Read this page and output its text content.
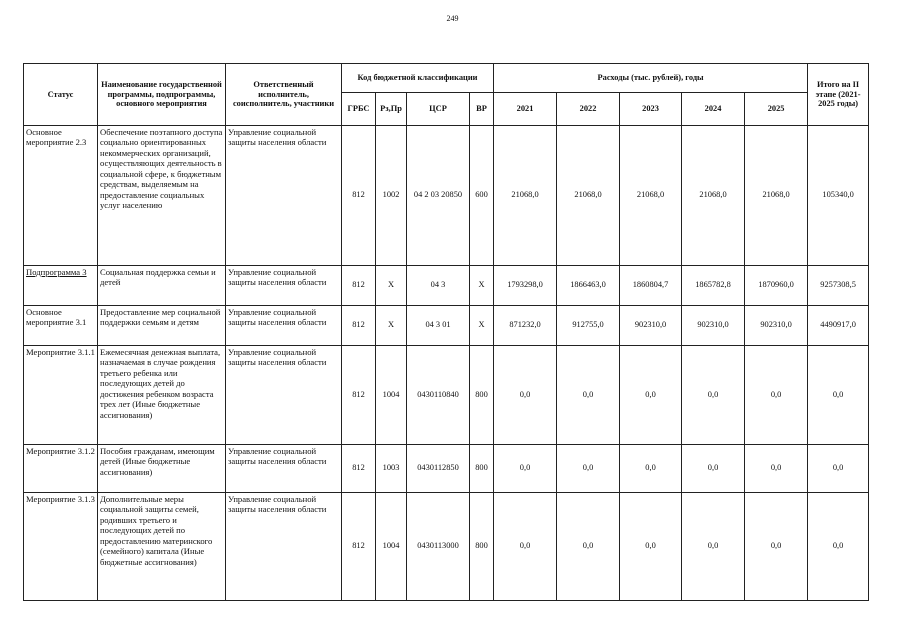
249
Статус	Наименование государственной программы, подпрограммы, основного мероприятия	Ответственный исполнитель, соисполнитель, участники	Код бюджетной классификации				Расходы (тыс. рублей), годы					Итого на II этапе (2021-2025 годы)
			ГРБС	Рз,Пр	ЦСР	ВР	2021	2022	2023	2024	2025	
Основное мероприятие 2.3	Обеспечение поэтапного доступа социально ориентированных некоммерческих организаций, осуществляющих деятельность в социальной сфере, к бюджетным средствам, выделяемым на предоставление социальных услуг населению	Управление социальной защиты населения области	812	1002	04 2 03 20850	600	21068,0	21068,0	21068,0	21068,0	21068,0	105340,0
Подпрограмма 3	Социальная поддержка семьи и детей	Управление социальной защиты населения области	812	Х	04 3	Х	1793298,0	1866463,0	1860804,7	1865782,8	1870960,0	9257308,5
Основное мероприятие 3.1	Предоставление мер социальной поддержки семьям и детям	Управление социальной защиты населения области	812	Х	04 3 01	Х	871232,0	912755,0	902310,0	902310,0	902310,0	4490917,0
Мероприятие 3.1.1	Ежемесячная денежная выплата, назначаемая в случае рождения третьего ребенка или последующих детей до достижения ребенком возраста трех лет (Иные бюджетные ассигнования)	Управление социальной защиты населения области	812	1004	0430110840	800	0,0	0,0	0,0	0,0	0,0	0,0
Мероприятие 3.1.2	Пособия гражданам, имеющим детей (Иные бюджетные ассигнования)	Управление социальной защиты населения области	812	1003	0430112850	800	0,0	0,0	0,0	0,0	0,0	0,0
Мероприятие 3.1.3	Дополнительные меры социальной защиты семей, родивших третьего и последующих детей по предоставлению материнского (семейного) капитала (Иные бюджетные ассигнования)	Управление социальной защиты населения области	812	1004	0430113000	800	0,0	0,0	0,0	0,0	0,0	0,0
